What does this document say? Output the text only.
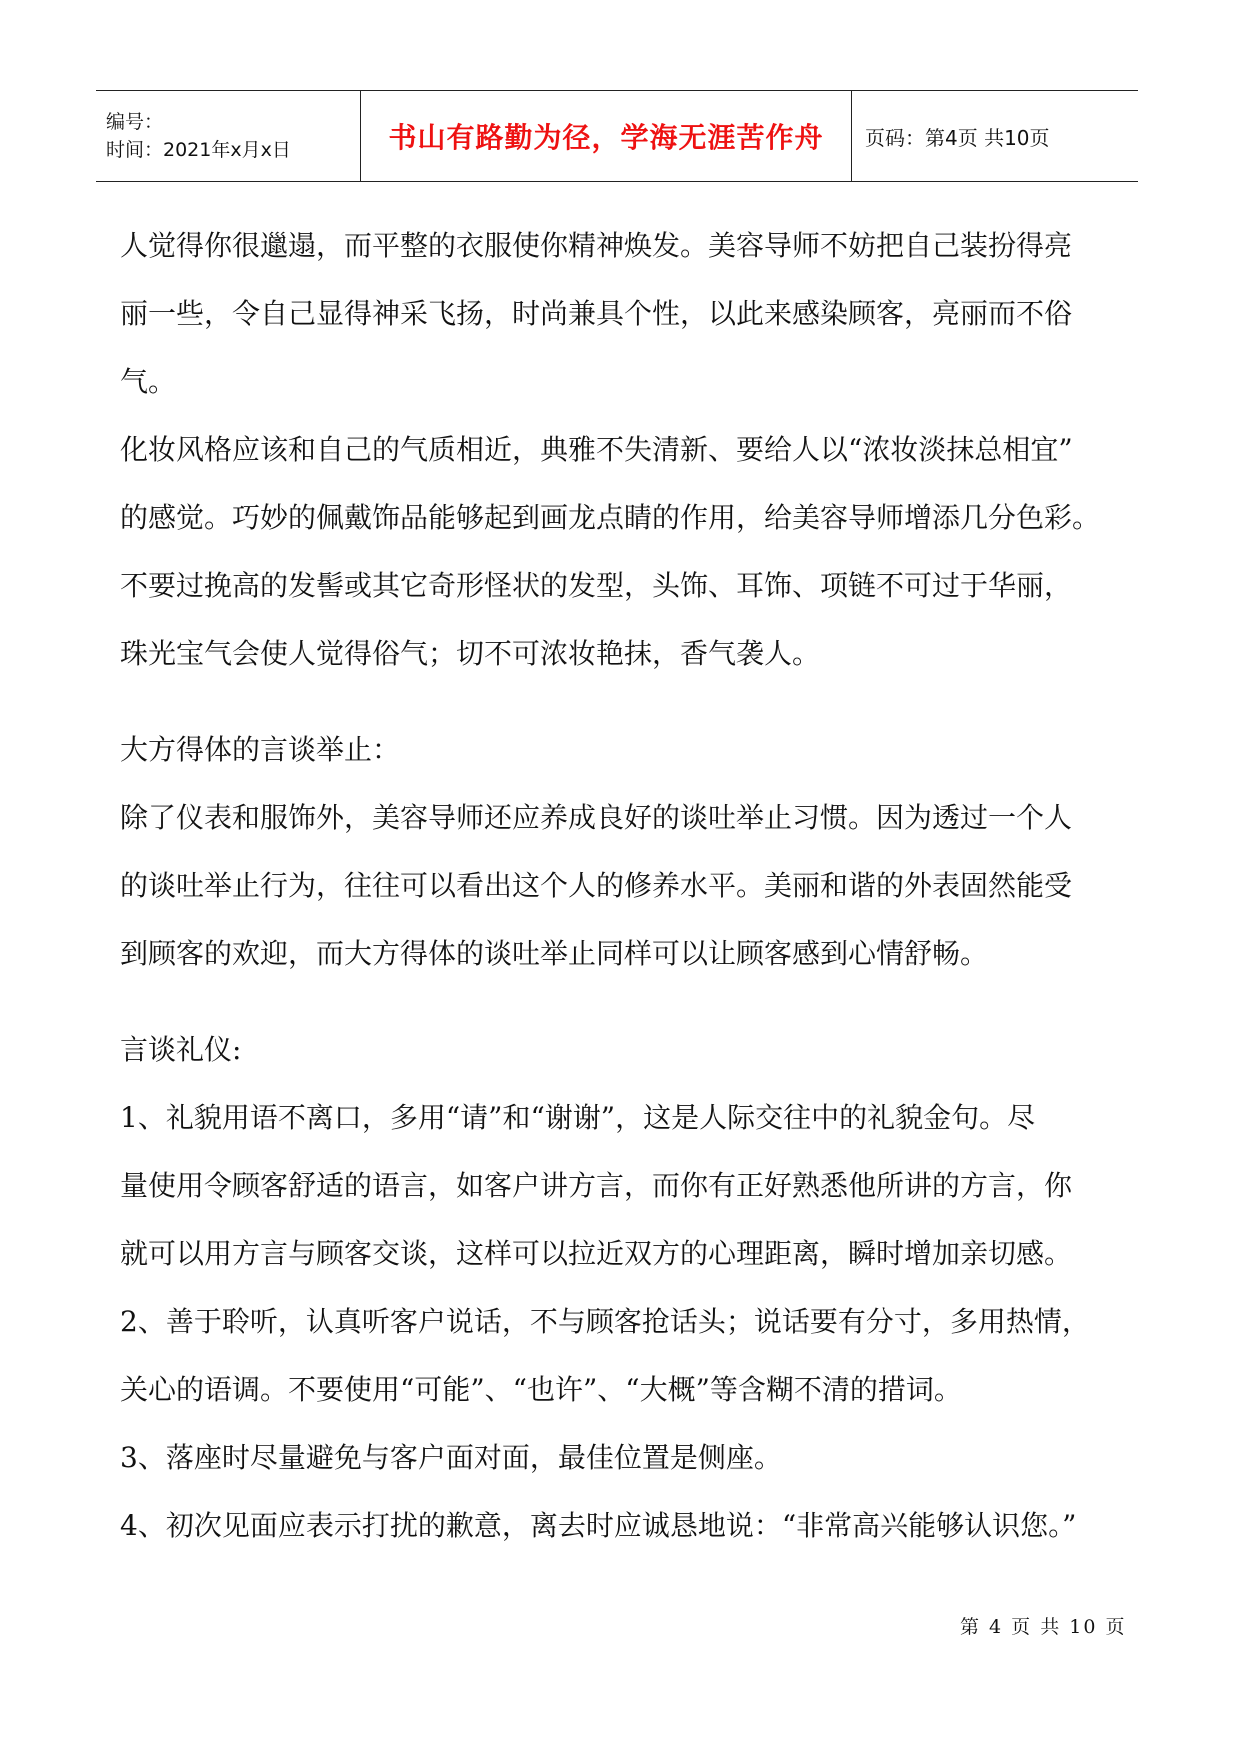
编号：
时间：2021年x月x日	书山有路勤为径，学海无涯苦作舟 页码：第4页 共10页

人觉得你很邋遢，而平整的衣服使你精神焕发。美容导师不妨把自己装扮得亮

丽一些，令自己显得神采飞扬，时尚兼具个性，以此来感染顾客，亮丽而不俗

气。

化妆风格应该和自己的气质相近，典雅不失清新、要给人以“浓妆淡抹总相宜”

的感觉。巧妙的佩戴饰品能够起到画龙点睛的作用，给美容导师增添几分色彩。

不要过挽高的发髻或其它奇形怪状的发型，头饰、耳饰、项链不可过于华丽，

珠光宝气会使人觉得俗气；切不可浓妆艳抹，香气袭人。

大方得体的言谈举止：

除了仪表和服饰外，美容导师还应养成良好的谈吐举止习惯。因为透过一个人

的谈吐举止行为，往往可以看出这个人的修养水平。美丽和谐的外表固然能受

到顾客的欢迎，而大方得体的谈吐举止同样可以让顾客感到心情舒畅。

言谈礼仪:

1、礼貌用语不离口，多用“请”和“谢谢”，这是人际交往中的礼貌金句。尽

量使用令顾客舒适的语言，如客户讲方言，而你有正好熟悉他所讲的方言，你

就可以用方言与顾客交谈，这样可以拉近双方的心理距离，瞬时增加亲切感。

2、善于聆听，认真听客户说话，不与顾客抢话头；说话要有分寸，多用热情，

关心的语调。不要使用“可能”、“也许”、“大概”等含糊不清的措词。

3、落座时尽量避免与客户面对面，最佳位置是侧座。

4、初次见面应表示打扰的歉意，离去时应诚恳地说：“非常高兴能够认识您。”

第 4 页 共 10 页
